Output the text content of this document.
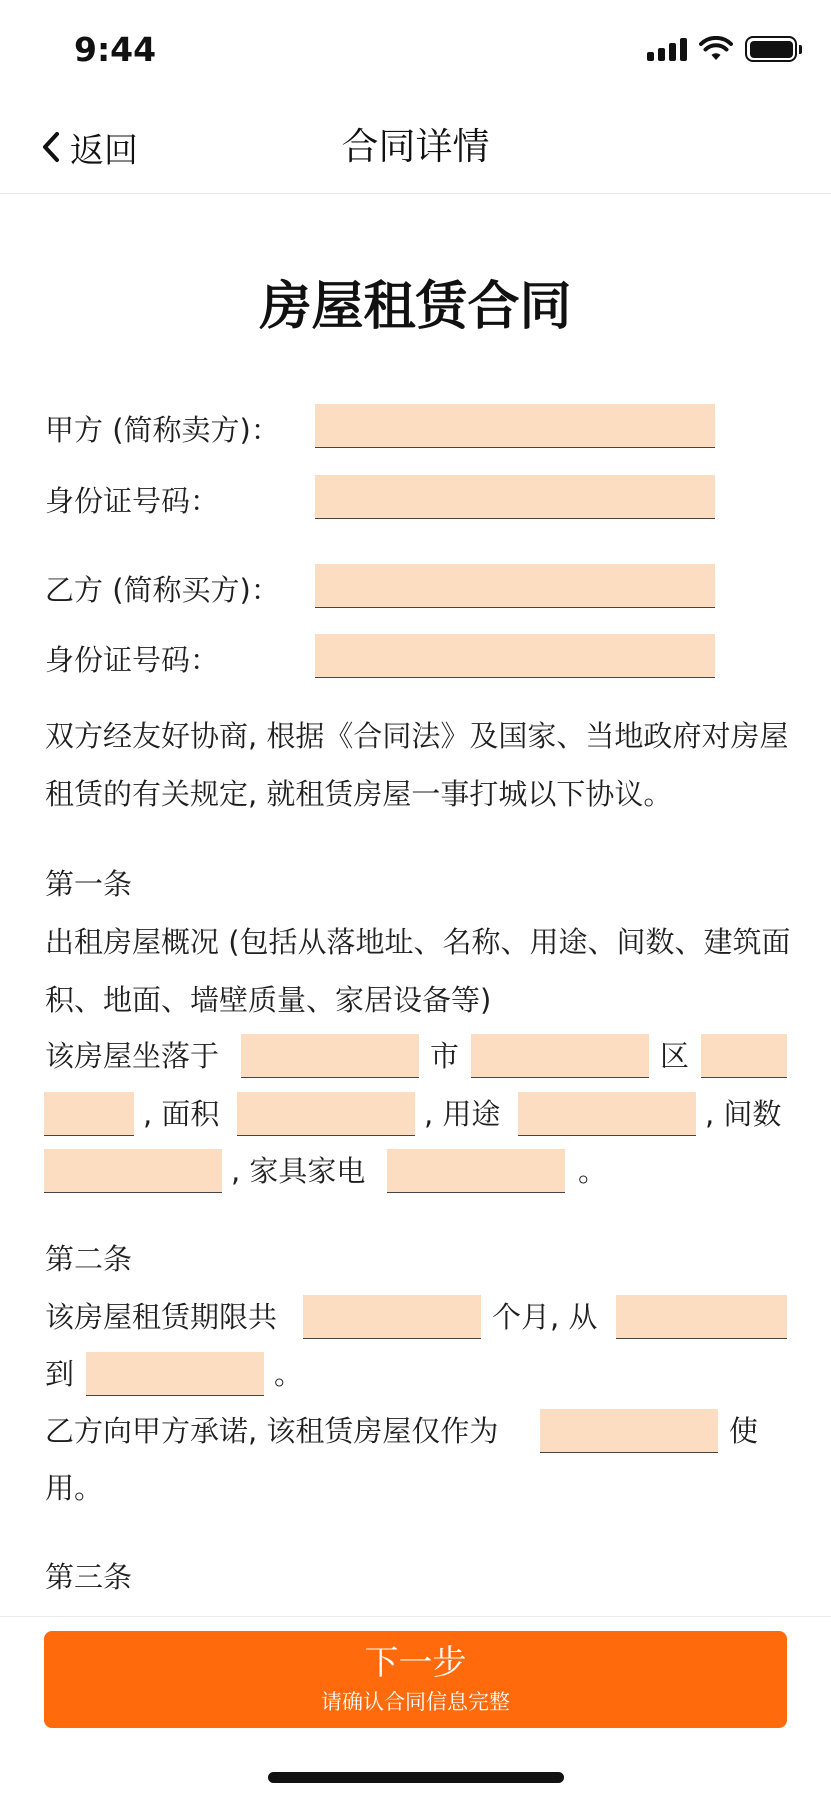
9:44
返回	合同详情
房屋租赁合同
甲方 (简称卖方)：
身份证号码：
乙方 (简称买方)：
身份证号码：
双方经友好协商, 根据《合同法》及国家、当地政府对房屋租赁的有关规定, 就租赁房屋一事打城以下协议。
第一条
出租房屋概况 (包括从落地址、名称、用途、间数、建筑面积、地面、墙壁质量、家居设备等)
该房屋坐落于	市	区
, 面积	, 用途	, 间数
, 家具家电	。
第二条
该房屋租赁期限共	个月, 从
到	。
乙方向甲方承诺, 该租赁房屋仅作为	使
用。
第三条
下一步
请确认合同信息完整
